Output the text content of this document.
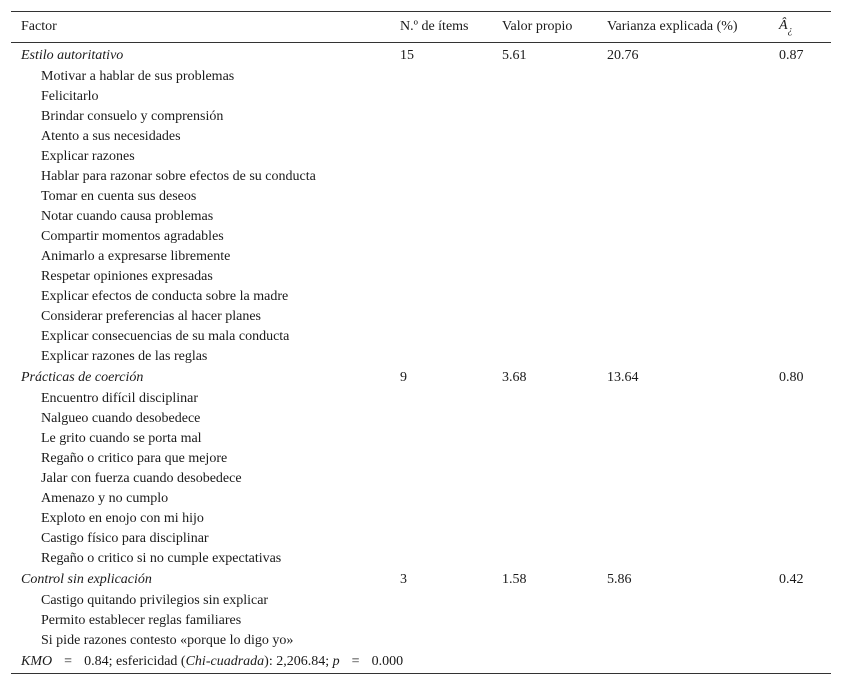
Factor	N.º de ítems	Valor propio	Varianza explicada (%)	$Â_¿$
Estilo autoritativo	15	5.61	20.76	0.87
Motivar a hablar de sus problemas				
Felicitarlo				
Brindar consuelo y comprensión				
Atento a sus necesidades				
Explicar razones				
Hablar para razonar sobre efectos de su conducta				
Tomar en cuenta sus deseos				
Notar cuando causa problemas				
Compartir momentos agradables				
Animarlo a expresarse libremente				
Respetar opiniones expresadas				
Explicar efectos de conducta sobre la madre				
Considerar preferencias al hacer planes				
Explicar consecuencias de su mala conducta				
Explicar razones de las reglas				
Prácticas de coerción	9	3.68	13.64	0.80
Encuentro difícil disciplinar				
Nalgueo cuando desobedece				
Le grito cuando se porta mal				
Regaño o critico para que mejore				
Jalar con fuerza cuando desobedece				
Amenazo y no cumplo				
Exploto en enojo con mi hijo				
Castigo físico para disciplinar				
Regaño o critico si no cumple expectativas				
Control sin explicación	3	1.58	5.86	0.42
Castigo quitando privilegios sin explicar				
Permito establecer reglas familiares				
Si pide razones contesto «porque lo digo yo»				
KMO = 0.84; esfericidad (Chi-cuadrada): 2,206.84; p = 0.000				
